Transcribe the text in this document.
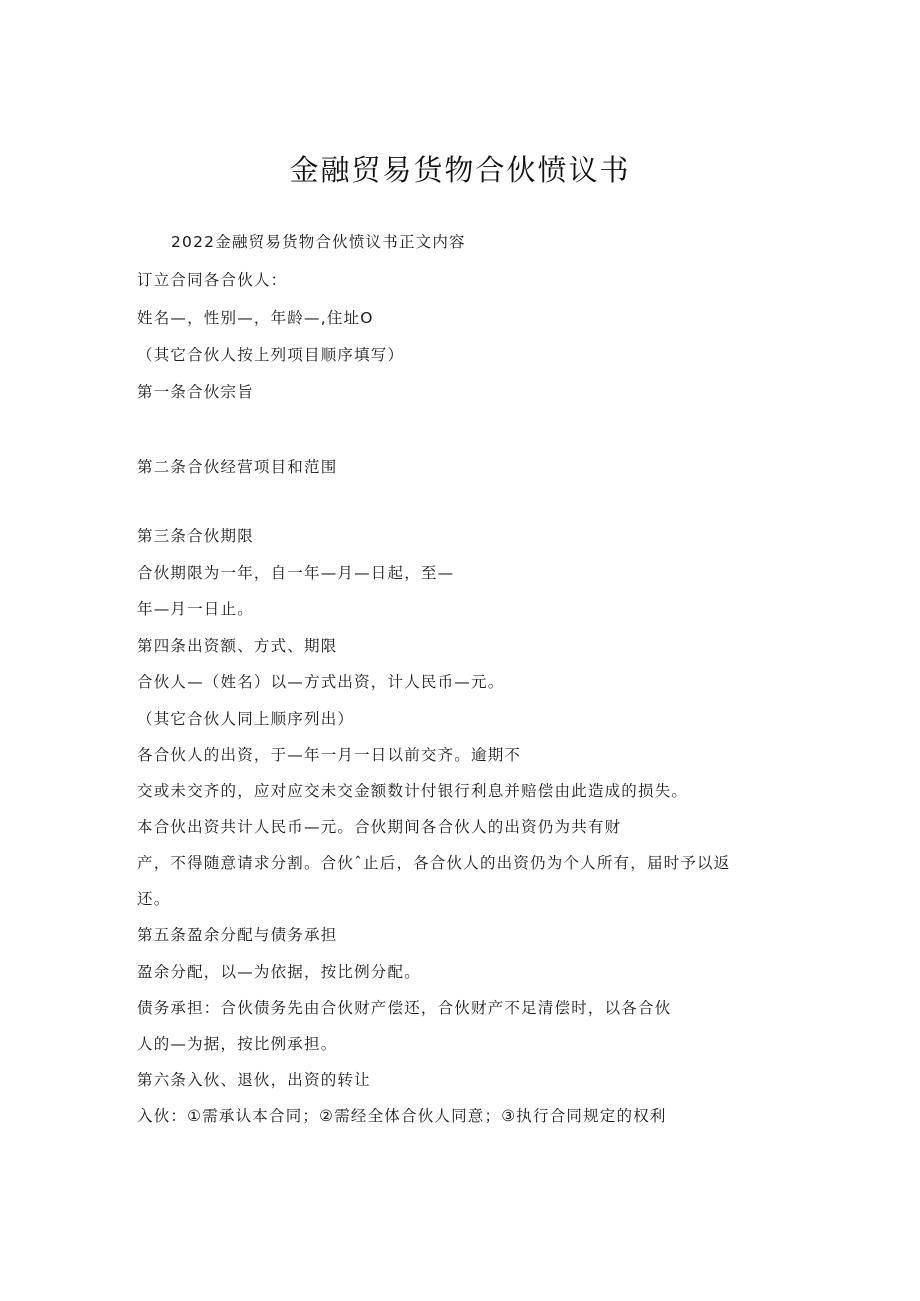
金融贸易货物合伙愤议书
2022金融贸易货物合伙愤议书正文内容
订立合同各合伙人：
姓名—，性别—，年龄—,住址O
（其它合伙人按上列项目顺序填写）
第一条合伙宗旨
第二条合伙经营项目和范围
第三条合伙期限
合伙期限为一年，自一年—月—日起，至—
年—月一日止。
第四条出资额、方式、期限
合伙人—（姓名）以—方式出资，计人民币—元。
（其它合伙人同上顺序列出）
各合伙人的出资，于—年一月一日以前交齐。逾期不
交或未交齐的，应对应交未交金额数计付银行利息并赔偿由此造成的损失。
本合伙出资共计人民币—元。合伙期间各合伙人的出资仍为共有财
产，不得随意请求分割。合伙ˆ止后，各合伙人的出资仍为个人所有，届时予以返
还。
第五条盈余分配与债务承担
盈余分配，以—为依据，按比例分配。
债务承担：合伙债务先由合伙财产偿还，合伙财产不足清偿时，以各合伙
人的—为据，按比例承担。
第六条入伙、退伙，出资的转让
入伙：①需承认本合同；②需经全体合伙人同意；③执行合同规定的权利
